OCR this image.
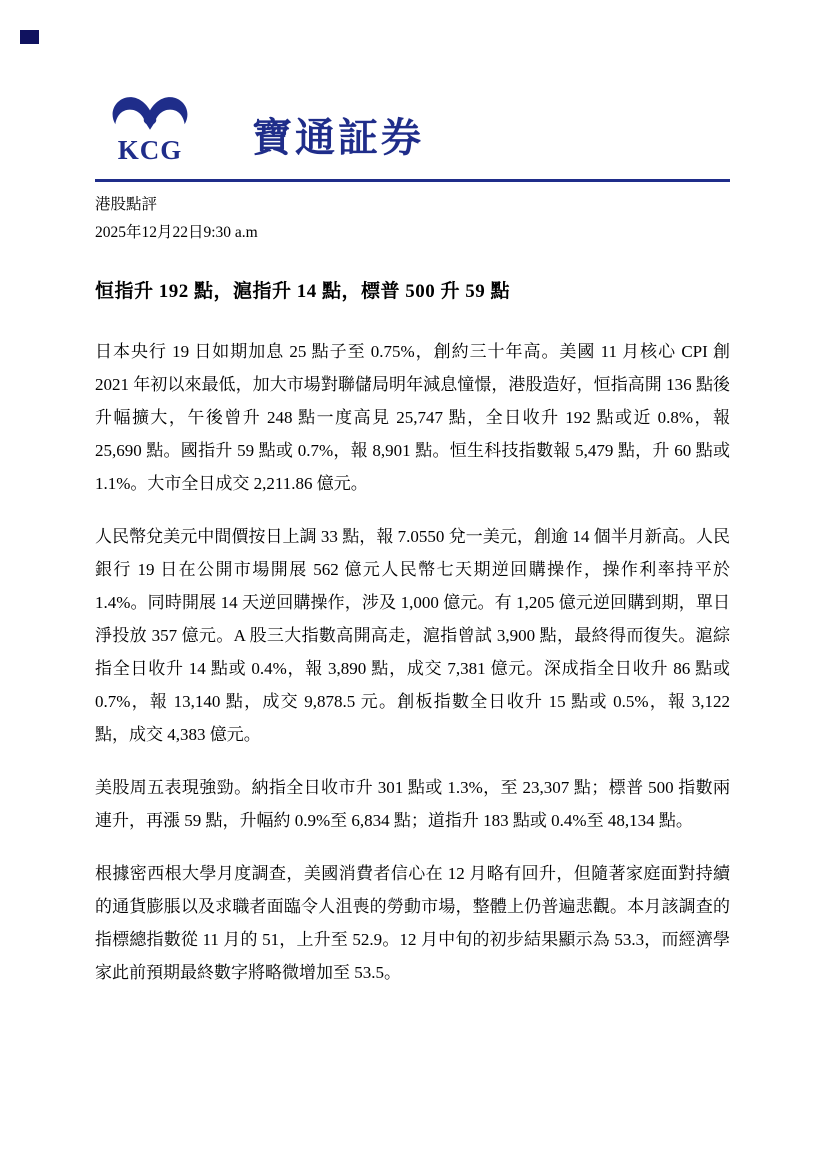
KCG 寶通証券
港股點評
2025年12月22日9:30 a.m
恒指升 192 點，滬指升 14 點，標普 500 升 59 點

日本央行 19 日如期加息 25 點子至 0.75%，創約三十年高。美國 11 月核心 CPI 創 2021 年初以來最低，加大市場對聯儲局明年減息憧憬，港股造好，恒指高開 136 點後升幅擴大，午後曾升 248 點一度高見 25,747 點，全日收升 192 點或近 0.8%，報 25,690 點。國指升 59 點或 0.7%，報 8,901 點。恒生科技指數報 5,479 點，升 60 點或 1.1%。大市全日成交 2,211.86 億元。

人民幣兌美元中間價按日上調 33 點，報 7.0550 兌一美元，創逾 14 個半月新高。人民銀行 19 日在公開市場開展 562 億元人民幣七天期逆回購操作，操作利率持平於 1.4%。同時開展 14 天逆回購操作，涉及 1,000 億元。有 1,205 億元逆回購到期，單日淨投放 357 億元。A 股三大指數高開高走，滬指曾試 3,900 點，最終得而復失。滬綜指全日收升 14 點或 0.4%，報 3,890 點，成交 7,381 億元。深成指全日收升 86 點或 0.7%，報 13,140 點，成交 9,878.5 元。創板指數全日收升 15 點或 0.5%，報 3,122 點，成交 4,383 億元。

美股周五表現強勁。納指全日收市升 301 點或 1.3%，至 23,307 點；標普 500 指數兩連升，再漲 59 點，升幅約 0.9%至 6,834 點；道指升 183 點或 0.4%至 48,134 點。

根據密西根大學月度調查，美國消費者信心在 12 月略有回升，但隨著家庭面對持續的通貨膨脹以及求職者面臨令人沮喪的勞動市場，整體上仍普遍悲觀。本月該調查的指標總指數從 11 月的 51，上升至 52.9。12 月中旬的初步結果顯示為 53.3，而經濟學家此前預期最終數字將略微增加至 53.5。
